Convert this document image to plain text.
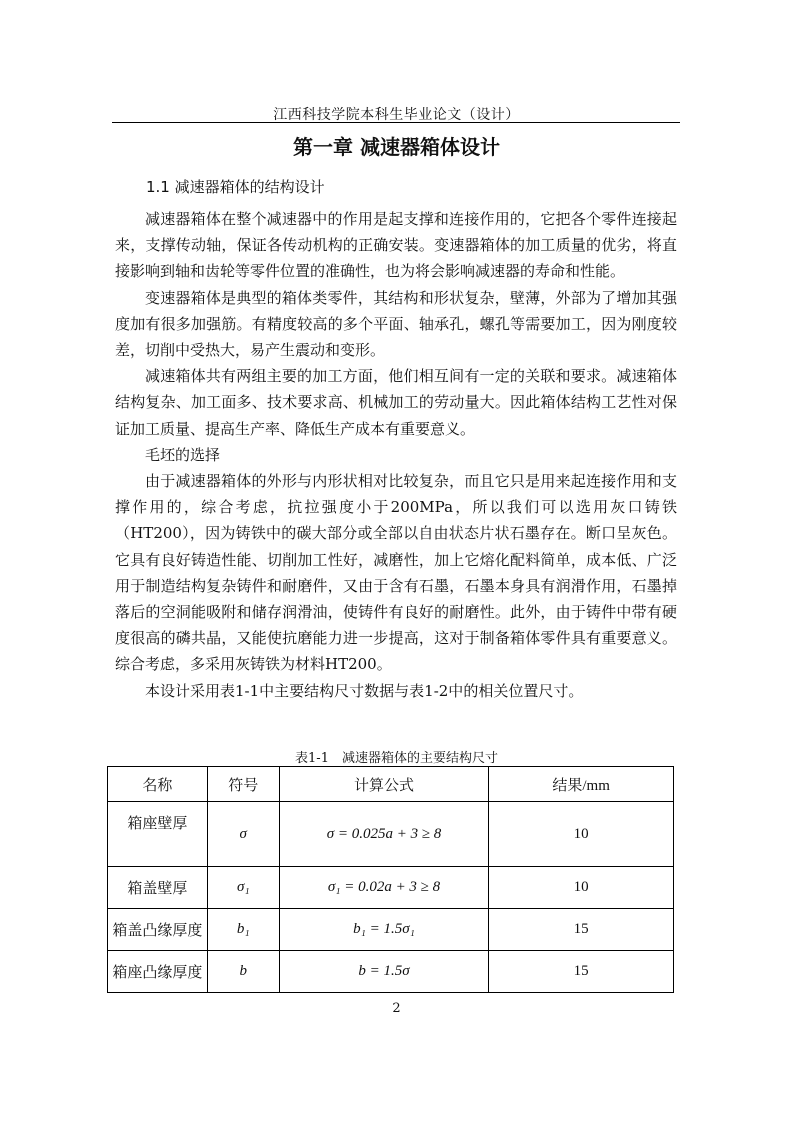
江西科技学院本科生毕业论文（设计）
第一章 减速器箱体设计
1.1 减速器箱体的结构设计

减速器箱体在整个减速器中的作用是起支撑和连接作用的，它把各个零件连接起来，支撑传动轴，保证各传动机构的正确安装。变速器箱体的加工质量的优劣，将直接影响到轴和齿轮等零件位置的准确性，也为将会影响减速器的寿命和性能。

变速器箱体是典型的箱体类零件，其结构和形状复杂，壁薄，外部为了增加其强度加有很多加强筋。有精度较高的多个平面、轴承孔，螺孔等需要加工，因为刚度较差，切削中受热大，易产生震动和变形。

减速箱体共有两组主要的加工方面，他们相互间有一定的关联和要求。减速箱体结构复杂、加工面多、技术要求高、机械加工的劳动量大。因此箱体结构工艺性对保证加工质量、提高生产率、降低生产成本有重要意义。

毛坯的选择

由于减速器箱体的外形与内形状相对比较复杂，而且它只是用来起连接作用和支撑作用的，综合考虑，抗拉强度小于200MPa，所以我们可以选用灰口铸铁（HT200），因为铸铁中的碳大部分或全部以自由状态片状石墨存在。断口呈灰色。它具有良好铸造性能、切削加工性好，减磨性，加上它熔化配料简单，成本低、广泛用于制造结构复杂铸件和耐磨件，又由于含有石墨，石墨本身具有润滑作用，石墨掉落后的空洞能吸附和储存润滑油，使铸件有良好的耐磨性。此外，由于铸件中带有硬度很高的磷共晶，又能使抗磨能力进一步提高，这对于制备箱体零件具有重要意义。综合考虑，多采用灰铸铁为材料HT200。

本设计采用表1-1中主要结构尺寸数据与表1-2中的相关位置尺寸。

表1-1　减速器箱体的主要结构尺寸
名称	符号	计算公式	结果/mm
箱座壁厚	σ	σ = 0.025a + 3 ≥ 8	10
箱盖壁厚	σ₁	σ₁ = 0.02a + 3 ≥ 8	10
箱盖凸缘厚度	b₁	b₁ = 1.5σ₁	15
箱座凸缘厚度	b	b = 1.5σ	15
2
